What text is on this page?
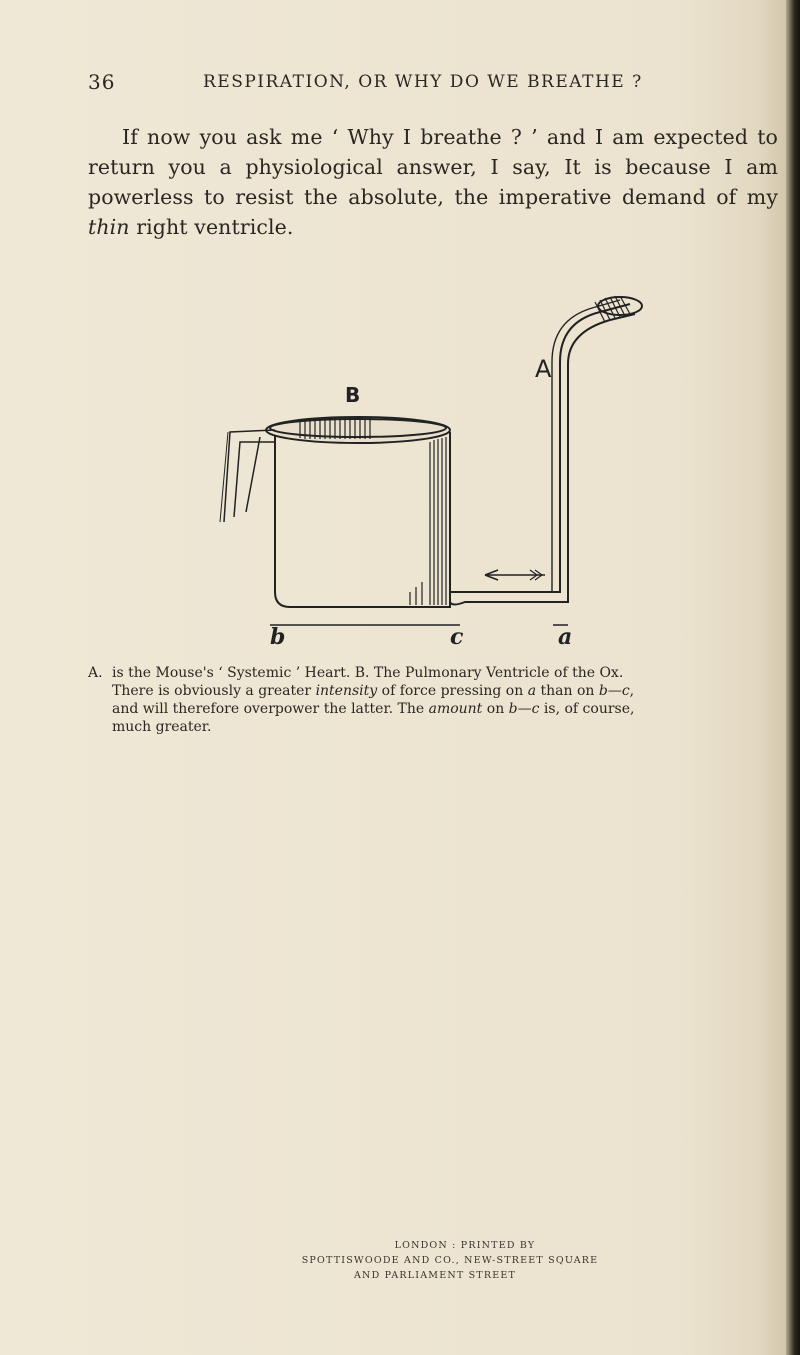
36	RESPIRATION, OR WHY DO WE BREATHE ?

If now you ask me ‘ Why I breathe ? ’ and I am expected to return you a physiological answer, I say, It is because I am powerless to resist the absolute, the imperative demand of my thin right ventricle.

A
B
b	c	a
A. is the Mouse's ‘ Systemic ’ Heart. B. The Pulmonary Ventricle of the Ox.
There is obviously a greater intensity of force pressing on a than on b—c,
and will therefore overpower the latter. The amount on b—c is, of course,
much greater.
LONDON : PRINTED BY
SPOTTISWOODE AND CO., NEW-STREET SQUARE
AND PARLIAMENT STREET
